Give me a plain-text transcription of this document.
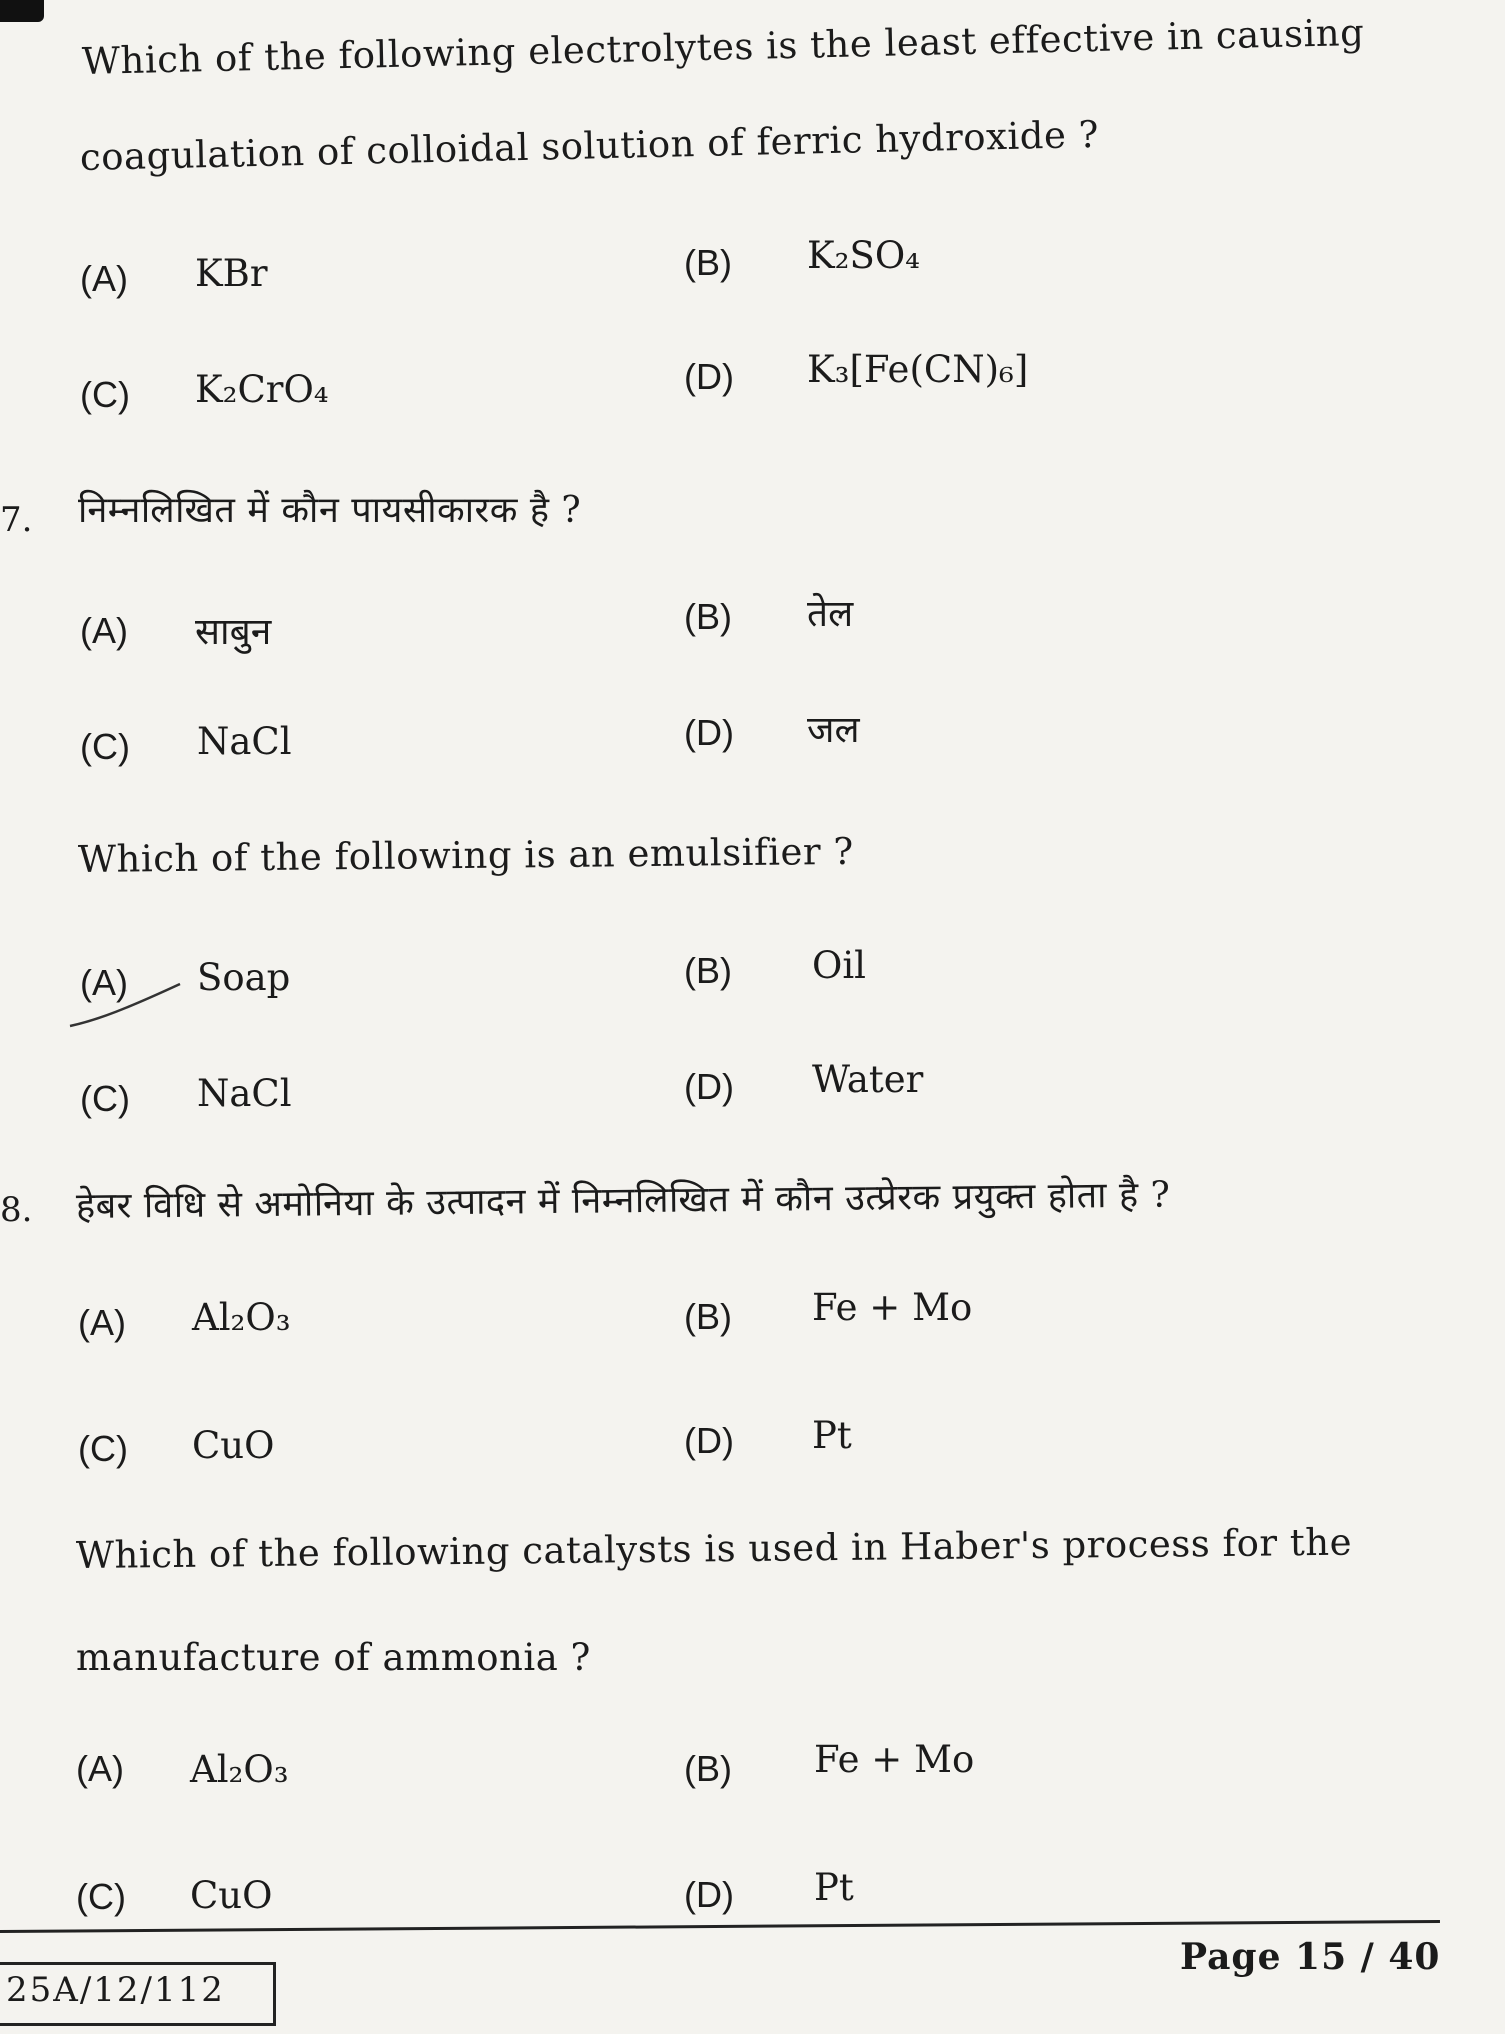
Which of the following electrolytes is the least effective in causing
coagulation of colloidal solution of ferric hydroxide ?
(A) KBr	(B) K₂SO₄
(C) K₂CrO₄	(D) K₃[Fe(CN)₆]
7. निम्नलिखित में कौन पायसीकारक है ?
(A) साबुन	(B) तेल
(C) NaCl	(D) जल
Which of the following is an emulsifier ?
(A) Soap	(B) Oil
(C) NaCl	(D) Water
8. हेबर विधि से अमोनिया के उत्पादन में निम्नलिखित में कौन उत्प्रेरक प्रयुक्त होता है ?
(A) Al₂O₃	(B) Fe + Mo
(C) CuO	(D) Pt
Which of the following catalysts is used in Haber's process for the
manufacture of ammonia ?
(A) Al₂O₃	(B) Fe + Mo
(C) CuO	(D) Pt
25A/12/112
Page 15 / 40
